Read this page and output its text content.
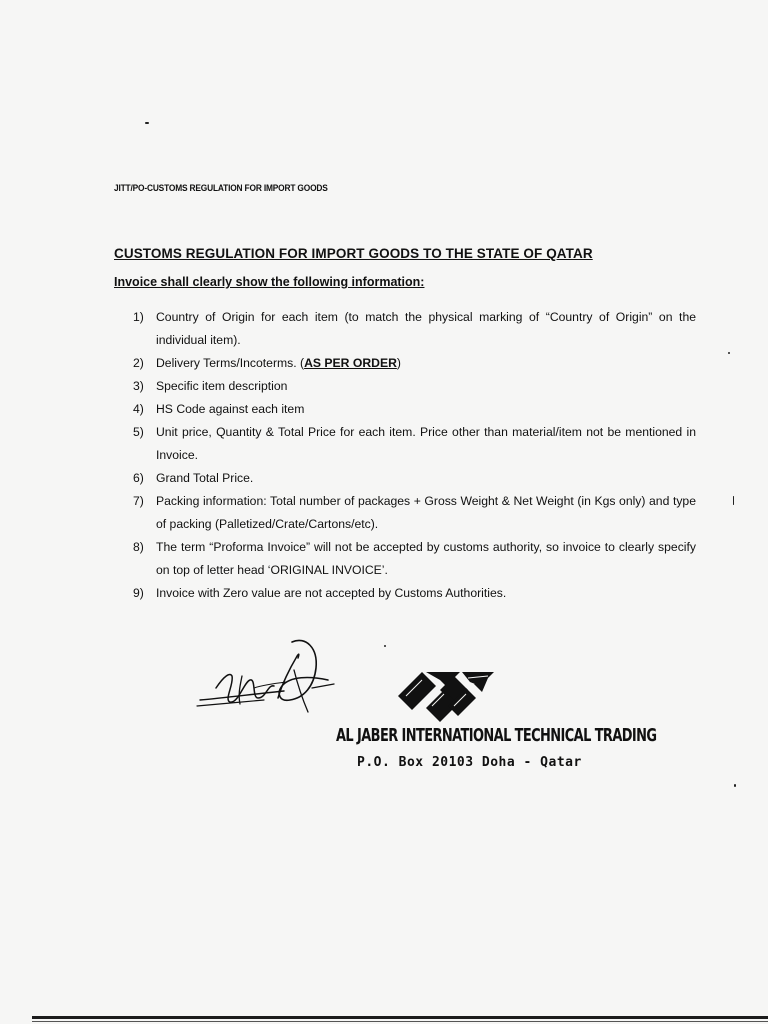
JITT/PO-CUSTOMS REGULATION FOR IMPORT GOODS
CUSTOMS REGULATION FOR IMPORT GOODS TO THE STATE OF QATAR
Invoice shall clearly show the following information:
1) Country of Origin for each item (to match the physical marking of “Country of Origin” on the individual item).
2) Delivery Terms/Incoterms. (AS PER ORDER)
3) Specific item description
4) HS Code against each item
5) Unit price, Quantity & Total Price for each item. Price other than material/item not be mentioned in Invoice.
6) Grand Total Price.
7) Packing information: Total number of packages + Gross Weight & Net Weight (in Kgs only) and type of packing (Palletized/Crate/Cartons/etc).
8) The term “Proforma Invoice” will not be accepted by customs authority, so invoice to clearly specify on top of letter head ‘ORIGINAL INVOICE’.
9) Invoice with Zero value are not accepted by Customs Authorities.
AL JABER INTERNATIONAL TECHNICAL TRADING
P.O. Box 20103 Doha - Qatar
